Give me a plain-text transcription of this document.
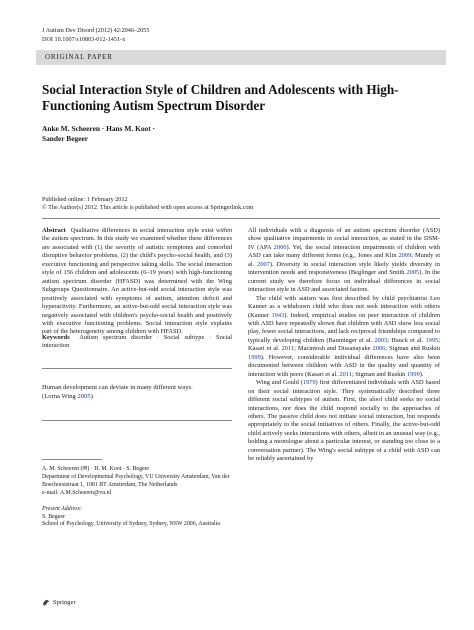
J Autism Dev Disord (2012) 42:2046–2055
DOI 10.1007/s10803-012-1451-x
ORIGINAL PAPER
Social Interaction Style of Children and Adolescents with High-Functioning Autism Spectrum Disorder
Anke M. Scheeren · Hans M. Koot ·
Sander Begeer
Published online: 1 February 2012
© The Author(s) 2012. This article is published with open access at Springerlink.com

Abstract Qualitative differences in social interaction style exist within the autism spectrum. In this study we examined whether these differences are associated with (1) the severity of autistic symptoms and comorbid disruptive behavior problems, (2) the child's psycho-social health, and (3) executive functioning and perspective taking skills. The social interaction style of 156 children and adolescents (6–19 years) with high-functioning autism spectrum disorder (HFASD) was determined with the Wing Subgroups Questionnaire. An active-but-odd social interaction style was positively associated with symptoms of autism, attention deficit and hyperactivity. Furthermore, an active-but-odd social interaction style was negatively associated with children's psycho-social health and positively with executive functioning problems. Social interaction style explains part of the heterogeneity among children with HFASD.

Keywords Autism spectrum disorder · Social subtype · Social interaction

Human development can deviate in many different ways.
(Lorna Wing 2005)
A. M. Scheeren (✉) · H. M. Koot · S. Begeer
Department of Developmental Psychology, VU University Amsterdam, Van der Boechorststraat 1, 1081 BT Amsterdam, The Netherlands
e-mail: A.M.Scheeren@vu.nl
Present Address:
S. Begeer
School of Psychology, University of Sydney, Sydney, NSW 2006, Australia

All individuals with a diagnosis of an autism spectrum disorder (ASD) show qualitative impairments in social interaction, as stated in the DSM-IV (APA 2000). Yet, the social interaction impairments of children with ASD can take many different forms (e.g., Jones and Klin 2009; Mundy et al. 2007). Diversity in social interaction style likely yields diversity in intervention needs and responsiveness (Beglinger and Smith 2005). In the current study we therefore focus on individual differences in social interaction style in ASD and associated factors.

The child with autism was first described by child psychiatrist Leo Kanner as a withdrawn child who does not seek interaction with others (Kanner 1943). Indeed, empirical studies on peer interaction of children with ASD have repeatedly shown that children with ASD show less social play, fewer social interactions, and lack reciprocal friendships compared to typically developing children (Bauminger et al. 2003; Hauck et al. 1995; Kasari et al. 2011; Macintosh and Dissanayake 2006; Sigman and Ruskin 1999). However, considerable individual differences have also been documented between children with ASD in the quality and quantity of interaction with peers (Kasari et al. 2011; Sigman and Ruskin 1999).

Wing and Gould (1979) first differentiated individuals with ASD based on their social interaction style. They systematically described three different social subtypes of autism. First, the aloof child seeks no social interactions, nor does the child respond socially to the approaches of others. The passive child does not initiate social interaction, but responds appropriately to the social initiatives of others. Finally, the active-but-odd child actively seeks interactions with others, albeit in an unusual way (e.g., holding a monologue about a particular interest, or standing too close to a conversation partner). The Wing's social subtype of a child with ASD can be reliably ascertained by

Springer
